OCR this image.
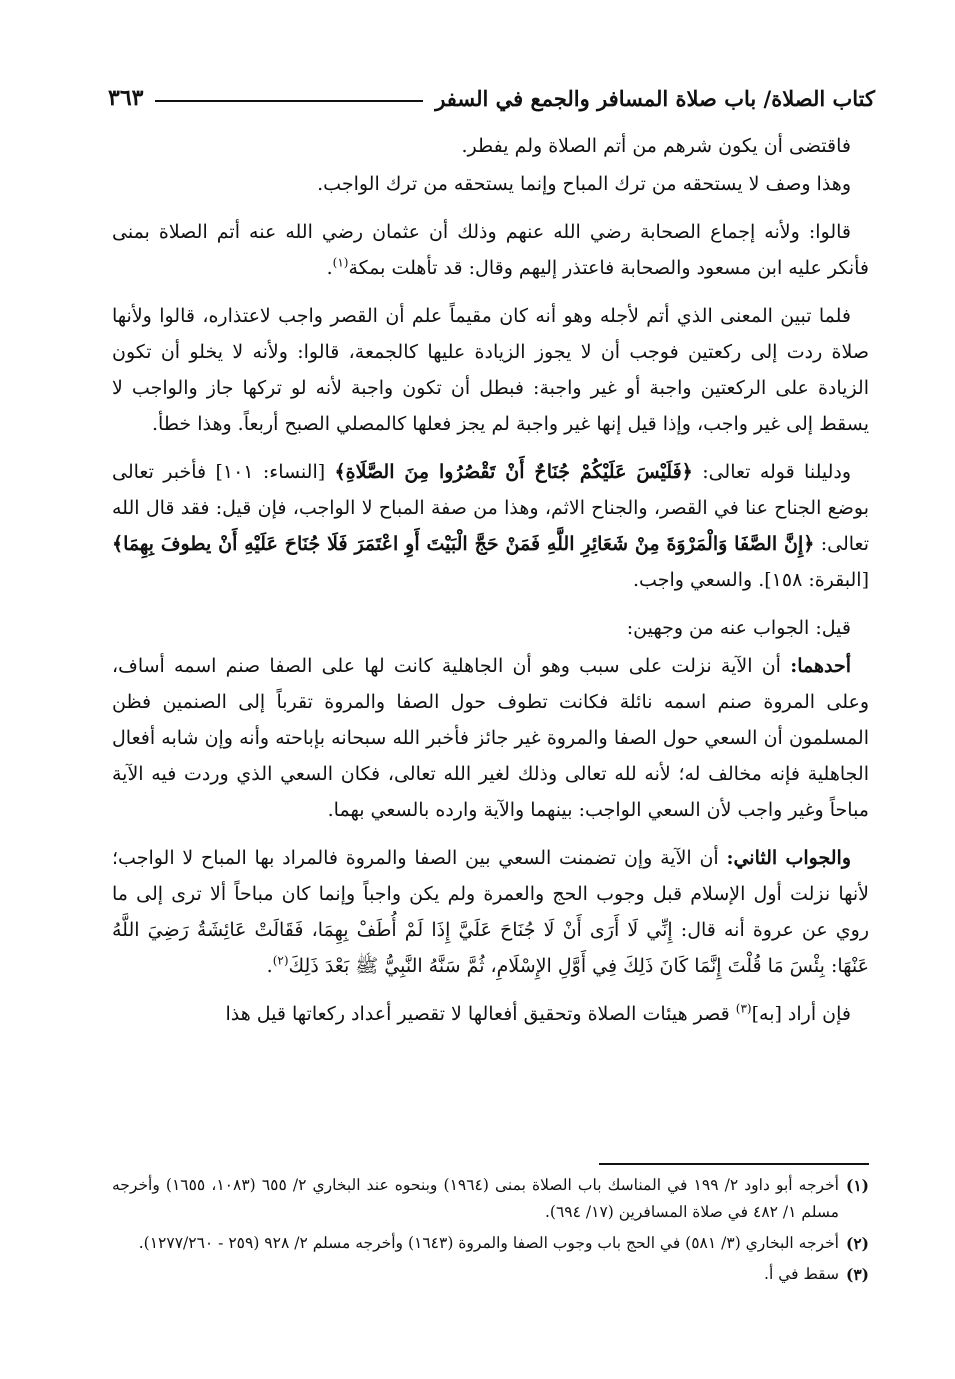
كتاب الصلاة/ باب صلاة المسافر والجمع في السفر
٣٦٣

فاقتضى أن يكون شرهم من أتم الصلاة ولم يفطر.

وهذا وصف لا يستحقه من ترك المباح وإنما يستحقه من ترك الواجب.

قالوا: ولأنه إجماع الصحابة رضي الله عنهم وذلك أن عثمان رضي الله عنه أتم الصلاة بمنى فأنكر عليه ابن مسعود والصحابة فاعتذر إليهم وقال: قد تأهلت بمكة$^{(١)}$.

فلما تبين المعنى الذي أتم لأجله وهو أنه كان مقيماً علم أن القصر واجب لاعتذاره، قالوا ولأنها صلاة ردت إلى ركعتين فوجب أن لا يجوز الزيادة عليها كالجمعة، قالوا: ولأنه لا يخلو أن تكون الزيادة على الركعتين واجبة أو غير واجبة: فبطل أن تكون واجبة لأنه لو تركها جاز والواجب لا يسقط إلى غير واجب، وإذا قيل إنها غير واجبة لم يجز فعلها كالمصلي الصبح أربعاً. وهذا خطأ.

ودليلنا قوله تعالى: ﴿فَلَيْسَ عَلَيْكُمْ جُنَاحٌ أَنْ تَقْصُرُوا مِنَ الصَّلَاةِ﴾ [النساء: ١٠١] فأخبر تعالى بوضع الجناح عنا في القصر، والجناح الاثم، وهذا من صفة المباح لا الواجب، فإن قيل: فقد قال الله تعالى: ﴿إِنَّ الصَّفَا وَالْمَرْوَةَ مِنْ شَعَائِرِ اللَّهِ فَمَنْ حَجَّ الْبَيْتَ أَوِ اعْتَمَرَ فَلَا جُنَاحَ عَلَيْهِ أَنْ يطوفَ بِهِمَا﴾ [البقرة: ١٥٨]. والسعي واجب.

قيل: الجواب عنه من وجهين:

أحدهما: أن الآية نزلت على سبب وهو أن الجاهلية كانت لها على الصفا صنم اسمه أساف، وعلى المروة صنم اسمه نائلة فكانت تطوف حول الصفا والمروة تقرباً إلى الصنمين فظن المسلمون أن السعي حول الصفا والمروة غير جائز فأخبر الله سبحانه بإباحته وأنه وإن شابه أفعال الجاهلية فإنه مخالف له؛ لأنه لله تعالى وذلك لغير الله تعالى، فكان السعي الذي وردت فيه الآية مباحاً وغير واجب لأن السعي الواجب: بينهما والآية وارده بالسعي بهما.

والجواب الثاني: أن الآية وإن تضمنت السعي بين الصفا والمروة فالمراد بها المباح لا الواجب؛ لأنها نزلت أول الإسلام قبل وجوب الحج والعمرة ولم يكن واجباً وإنما كان مباحاً ألا ترى إلى ما روي عن عروة أنه قال: إِنِّي لَا أَرَى أَنْ لَا جُنَاحَ عَلَيَّ إِذَا لَمْ أُطَفْ بِهِمَا، فَقَالَتْ عَائِشَةُ رَضِيَ اللَّهُ عَنْهَا: بِئْسَ مَا قُلْتَ إِنَّمَا كَانَ ذَلِكَ فِي أَوَّلِ الإِسْلَامِ، ثُمَّ سَنَّهُ النَّبِيُّ ﷺ بَعْدَ ذَلِكَ$^{(٢)}$.

فإن أراد [به]$^{(٣)}$ قصر هيئات الصلاة وتحقيق أفعالها لا تقصير أعداد ركعاتها قيل هذا

(١)
أخرجه أبو داود ٢/ ١٩٩ في المناسك باب الصلاة بمنى (١٩٦٤) وبنحوه عند البخاري ٢/ ٦٥٥ (١٠٨٣، ١٦٥٥) وأخرجه مسلم ١/ ٤٨٢ في صلاة المسافرين (١٧/ ٦٩٤).
(٢)
أخرجه البخاري (٣/ ٥٨١) في الحج باب وجوب الصفا والمروة (١٦٤٣) وأخرجه مسلم ٢/ ٩٢٨ (٢٥٩ - ١٢٧٧/٢٦٠).
(٣)
سقط في أ.
